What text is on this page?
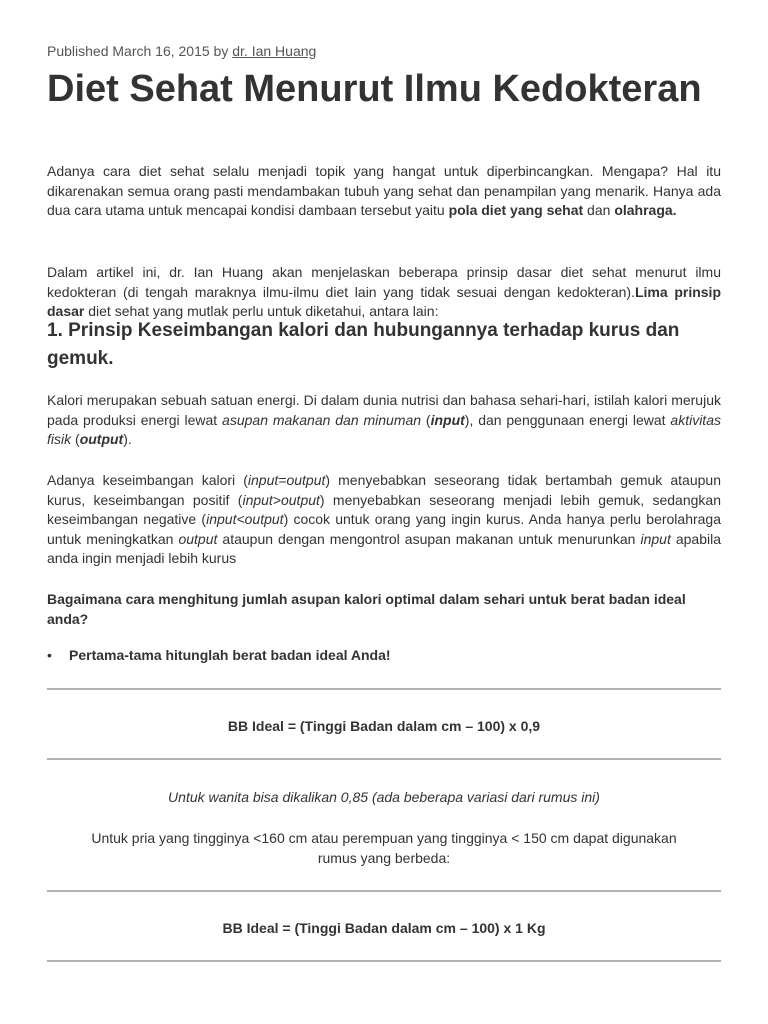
Published March 16, 2015 by dr. Ian Huang
Diet Sehat Menurut Ilmu Kedokteran

Adanya cara diet sehat selalu menjadi topik yang hangat untuk diperbincangkan. Mengapa? Hal itu dikarenakan semua orang pasti mendambakan tubuh yang sehat dan penampilan yang menarik. Hanya ada dua cara utama untuk mencapai kondisi dambaan tersebut yaitu pola diet yang sehat dan olahraga.

Dalam artikel ini, dr. Ian Huang akan menjelaskan beberapa prinsip dasar diet sehat menurut ilmu kedokteran (di tengah maraknya ilmu-ilmu diet lain yang tidak sesuai dengan kedokteran).Lima prinsip dasar diet sehat yang mutlak perlu untuk diketahui, antara lain:

1. Prinsip Keseimbangan kalori dan hubungannya terhadap kurus dan gemuk.

Kalori merupakan sebuah satuan energi. Di dalam dunia nutrisi dan bahasa sehari-hari, istilah kalori merujuk pada produksi energi lewat asupan makanan dan minuman (input), dan penggunaan energi lewat aktivitas fisik (output).

Adanya keseimbangan kalori (input=output) menyebabkan seseorang tidak bertambah gemuk ataupun kurus, keseimbangan positif (input>output) menyebabkan seseorang menjadi lebih gemuk, sedangkan keseimbangan negative (input<output) cocok untuk orang yang ingin kurus. Anda hanya perlu berolahraga untuk meningkatkan output ataupun dengan mengontrol asupan makanan untuk menurunkan input apabila anda ingin menjadi lebih kurus

Bagaimana cara menghitung jumlah asupan kalori optimal dalam sehari untuk berat badan ideal anda?

• Pertama-tama hitunglah berat badan ideal Anda!

BB Ideal = (Tinggi Badan dalam cm – 100) x 0,9

Untuk wanita bisa dikalikan 0,85 (ada beberapa variasi dari rumus ini)

Untuk pria yang tingginya <160 cm atau perempuan yang tingginya < 150 cm dapat digunakan rumus yang berbeda:

BB Ideal = (Tinggi Badan dalam cm – 100) x 1 Kg
